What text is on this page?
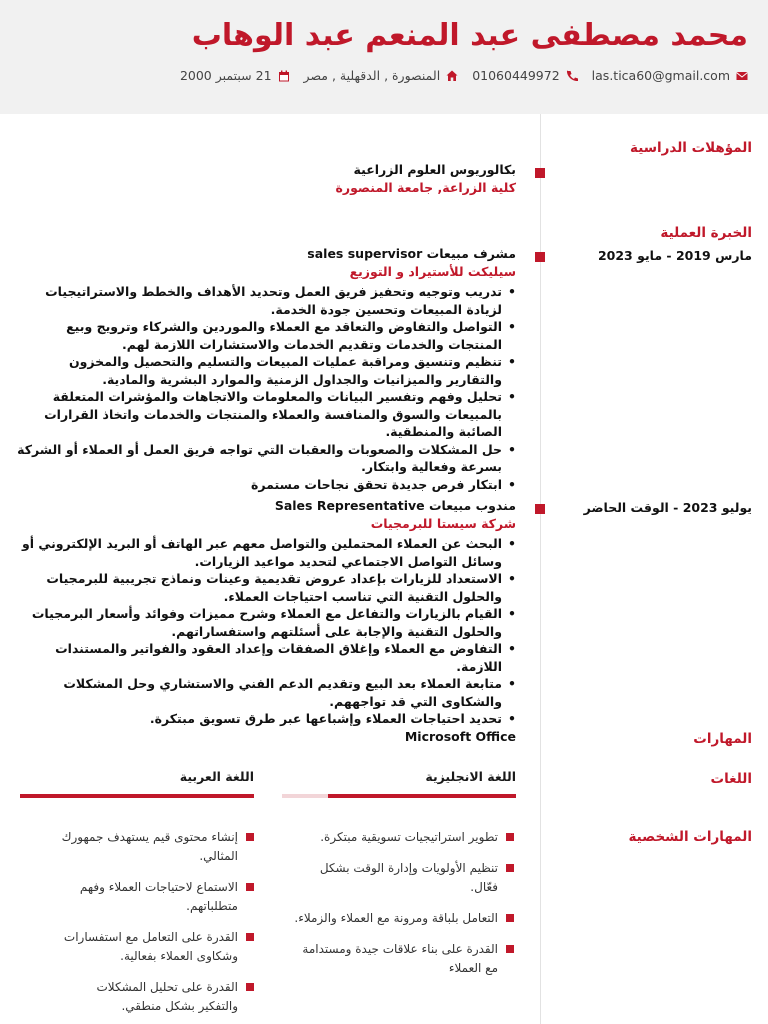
محمد مصطفى عبد المنعم عبد الوهاب
las.tica60@gmail.com
01060449972
المنصورة , الدقهلية , مصر
21 سبتمبر 2000
المؤهلات الدراسية
بكالوريوس العلوم الزراعية
كلية الزراعة, جامعة المنصورة
الخبرة العملية
مارس 2019 - مايو 2023
مشرف مبيعات sales supervisor
سيليكت للأستيراد و التوزيع
• تدريب وتوجيه وتحفيز فريق العمل وتحديد الأهداف والخطط والاستراتيجيات لزيادة المبيعات وتحسين جودة الخدمة.
• التواصل والتفاوض والتعاقد مع العملاء والموردين والشركاء وترويج وبيع المنتجات والخدمات وتقديم الخدمات والاستشارات اللازمة لهم.
• تنظيم وتنسيق ومراقبة عمليات المبيعات والتسليم والتحصيل والمخزون والتقارير والميزانيات والجداول الزمنية والموارد البشرية والمادية.
• تحليل وفهم وتفسير البيانات والمعلومات والاتجاهات والمؤشرات المتعلقة بالمبيعات والسوق والمنافسة والعملاء والمنتجات والخدمات واتخاذ القرارات الصائبة والمنطقية.
• حل المشكلات والصعوبات والعقبات التي تواجه فريق العمل أو العملاء أو الشركة بسرعة وفعالية وابتكار.
• ابتكار فرص جديدة تحقق نجاحات مستمرة
يوليو 2023 - الوقت الحاضر
مندوب مبيعات Sales Representative
شركة سيستا للبرمجيات
• البحث عن العملاء المحتملين والتواصل معهم عبر الهاتف أو البريد الإلكتروني أو وسائل التواصل الاجتماعي لتحديد مواعيد الزيارات.
• الاستعداد للزيارات بإعداد عروض تقديمية وعينات ونماذج تجريبية للبرمجيات والحلول التقنية التي تناسب احتياجات العملاء.
• القيام بالزيارات والتفاعل مع العملاء وشرح مميزات وفوائد وأسعار البرمجيات والحلول التقنية والإجابة على أسئلتهم واستفساراتهم.
• التفاوض مع العملاء وإغلاق الصفقات وإعداد العقود والفواتير والمستندات اللازمة.
• متابعة العملاء بعد البيع وتقديم الدعم الفني والاستشاري وحل المشكلات والشكاوى التي قد تواجههم.
• تحديد احتياجات العملاء وإشباعها عبر طرق تسويق مبتكرة.
المهارات
Microsoft Office
اللغات
اللغة الانجليزية
اللغة العربية
المهارات الشخصية
تطوير استراتيجيات تسويقية مبتكرة.
تنظيم الأولويات وإدارة الوقت بشكل فعّال.
التعامل بلباقة ومرونة مع العملاء والزملاء.
القدرة على بناء علاقات جيدة ومستدامة مع العملاء
إنشاء محتوى قيم يستهدف جمهورك المثالي.
الاستماع لاحتياجات العملاء وفهم متطلباتهم.
القدرة على التعامل مع استفسارات وشكاوى العملاء بفعالية.
القدرة على تحليل المشكلات والتفكير بشكل منطقي.
